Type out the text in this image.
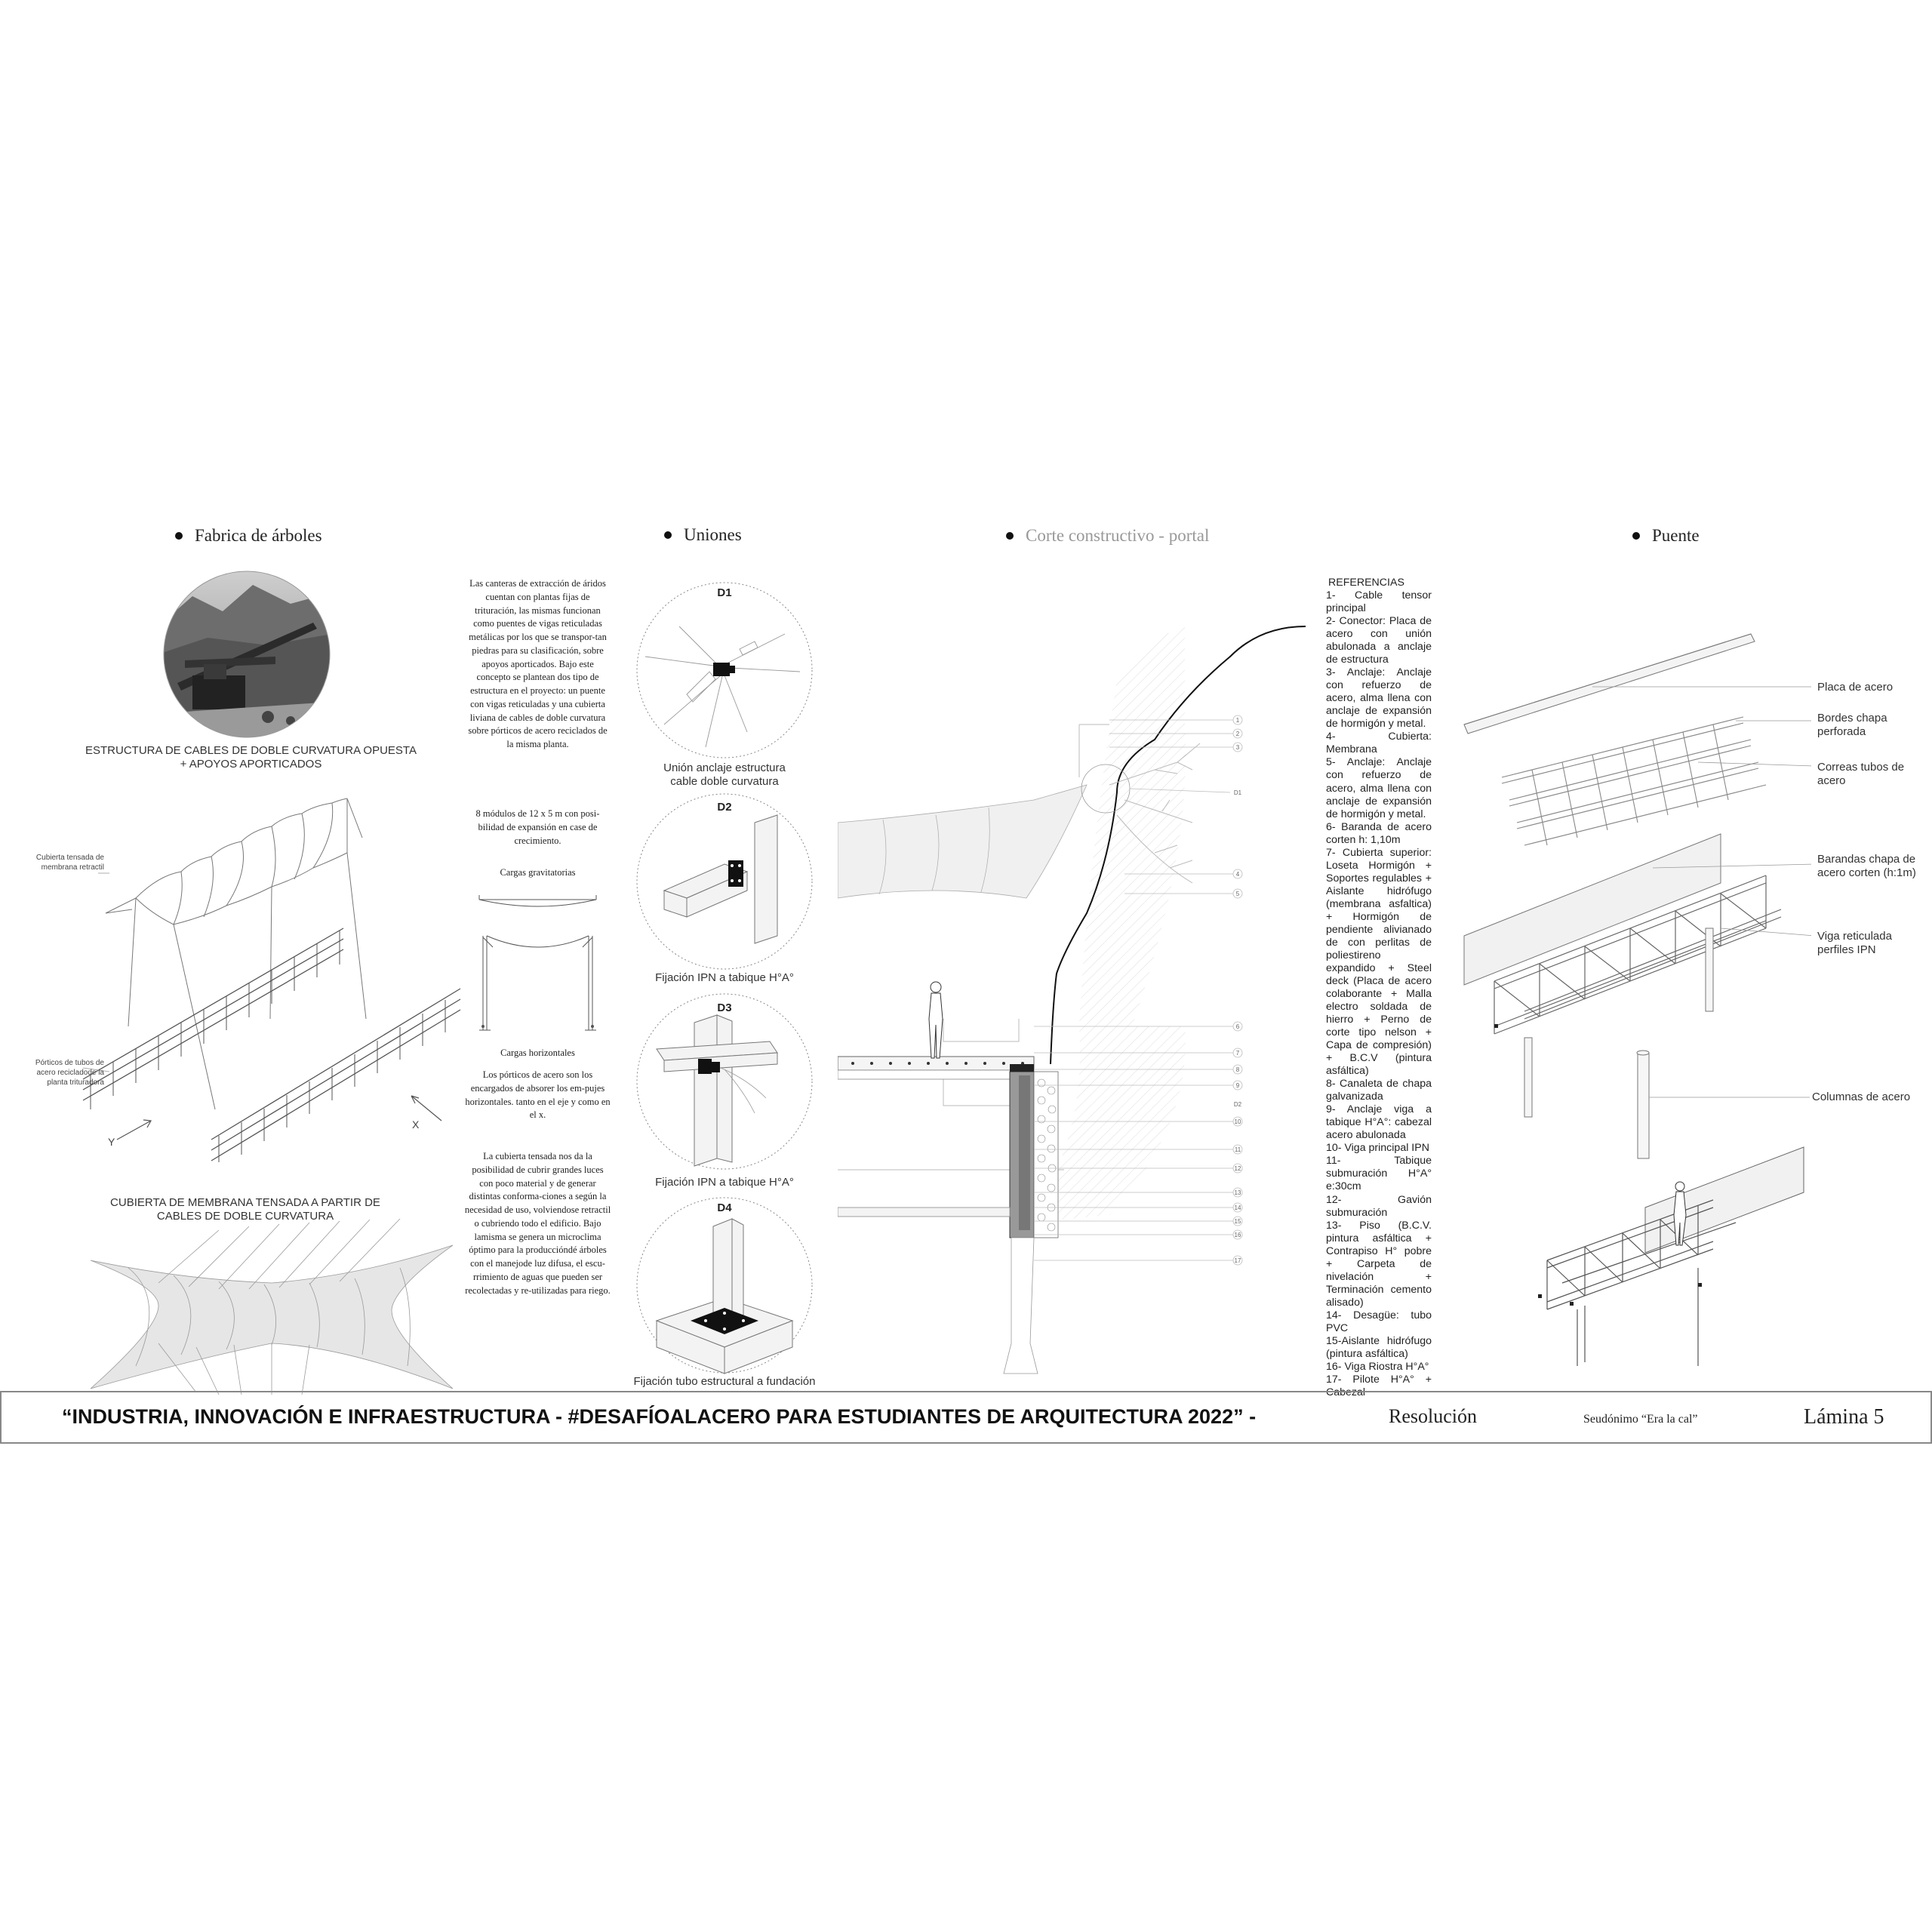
Fabrica de árboles	Uniones	Corte constructivo - portal	Puente
ESTRUCTURA DE CABLES DE DOBLE CURVATURA OPUESTA + APOYOS APORTICADOS
Cubierta tensada de membrana retractil
Pórticos de tubos de acero recicladode la planta trituradora
Y
X
CUBIERTA DE MEMBRANA TENSADA A PARTIR DE CABLES DE DOBLE CURVATURA
Las canteras de extracción de áridos cuentan con plantas fijas de trituración, las mismas funcionan como puentes de vigas reticuladas metálicas por los que se transpor-tan piedras para su clasificación, sobre apoyos aporticados. Bajo este concepto se plantean dos tipo de estructura en el proyecto: un puente con vigas reticuladas y una cubierta liviana de cables de doble curvatura sobre pórticos de acero reciclados de la misma planta.
8 módulos de 12 x 5 m con posi-bilidad de expansión en case de crecimiento.
Cargas gravitatorias
Cargas horizontales
Los pórticos de acero son los encargados de absorer los em-pujes horizontales. tanto en el eje y como en el x.
La cubierta tensada nos da la posibilidad de cubrir grandes luces con poco material y de generar distintas conforma-ciones a según la necesidad de uso, volviendose retractil o cubriendo todo el edificio. Bajo lamisma se genera un microclima óptimo para la produccióndé árboles con el manejode luz difusa, el escu-rrimiento de aguas que pueden ser recolectadas y re-utilizadas para riego.
D1
Unión anclaje estructura cable doble curvatura
D2
Fijación IPN a tabique H°A°
D3
Fijación IPN a tabique H°A°
D4
Fijación tubo estructural a fundación
1
2
3
D1
4
5
6
7
8
9
D2
10
11
12
13
14
15
16
17
REFERENCIAS
1- Cable tensor principal
2- Conector: Placa de acero con unión abulonada a anclaje de estructura
3- Anclaje: Anclaje con refuerzo de acero, alma llena con anclaje de expansión de hormigón y metal.
4- Cubierta: Membrana
5- Anclaje: Anclaje con refuerzo de acero, alma llena con anclaje de expansión de hormigón y metal.
6- Baranda de acero corten h: 1,10m
7- Cubierta superior: Loseta Hormigón + Soportes regulables + Aislante hidrófugo (membrana asfaltica) + Hormigón de pendiente alivianado de con perlitas de poliestireno expandido + Steel deck (Placa de acero colaborante + Malla electro soldada de hierro + Perno de corte tipo nelson + Capa de compresión) + B.C.V (pintura asfáltica)
8- Canaleta de chapa galvanizada
9- Anclaje viga a tabique H°A°: cabezal acero abulonada
10- Viga principal IPN
11- Tabique submuración H°A° e:30cm
12- Gavión submuración
13- Piso (B.C.V. pintura asfáltica + Contrapiso H° pobre + Carpeta de nivelación + Terminación cemento alisado)
14- Desagüe: tubo PVC
15-Aislante hidrófugo (pintura asfáltica)
16- Viga Riostra H°A°
17- Pilote H°A° + Cabezal
Placa de acero
Bordes chapa perforada
Correas tubos de acero
Barandas chapa de acero corten (h:1m)
Viga reticulada perfiles IPN
Columnas de acero
“INDUSTRIA, INNOVACIÓN E INFRAESTRUCTURA - #DESAFÍOALACERO PARA ESTUDIANTES DE ARQUITECTURA 2022” -	Resolución	Seudónimo “Era la cal”	Lámina 5
